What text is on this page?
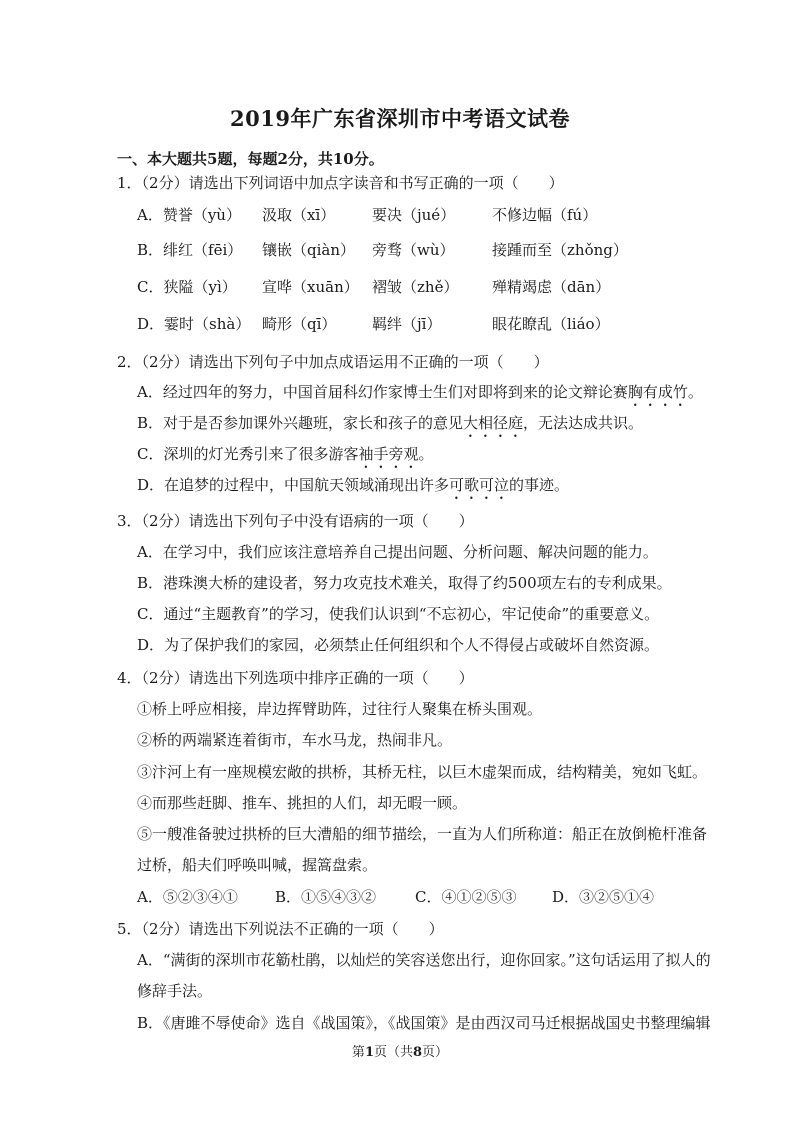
2019年广东省深圳市中考语文试卷
一、本大题共5题，每题2分，共10分。
1．（2分）请选出下列词语中加点字读音和书写正确的一项（　　）
A．赞誉（yù） 汲取（xī） 要决（jué） 不修边幅（fú）
B．绯红（fēi） 镶嵌（qiàn） 旁骛（wù） 接踵而至（zhǒng）
C．狭隘（yì） 宣哗（xuān） 褶皱（zhě） 殚精竭虑（dān）
D．霎时（shà） 畸形（qī） 羁绊（jī）	眼花瞭乱（liáo）
2．（2分）请选出下列句子中加点成语运用不正确的一项（　　）
A．经过四年的努力，中国首届科幻作家博士生们对即将到来的论文辩论赛胸有成竹。
B．对于是否参加课外兴趣班，家长和孩子的意见大相径庭，无法达成共识。
C．深圳的灯光秀引来了很多游客袖手旁观。
D．在追梦的过程中，中国航天领域涌现出许多可歌可泣的事迹。
3．（2分）请选出下列句子中没有语病的一项（　　）
A．在学习中，我们应该注意培养自己提出问题、分析问题、解决问题的能力。
B．港珠澳大桥的建设者，努力攻克技术难关，取得了约500项左右的专利成果。
C．通过“主题教育”的学习，使我们认识到“不忘初心，牢记使命”的重要意义。
D．为了保护我们的家园，必须禁止任何组织和个人不得侵占或破坏自然资源。
4．（2分）请选出下列选项中排序正确的一项（　　）
①桥上呼应相接，岸边挥臂助阵，过往行人聚集在桥头围观。
②桥的两端紧连着街市，车水马龙，热闹非凡。
③汴河上有一座规模宏敞的拱桥，其桥无柱，以巨木虚架而成，结构精美，宛如飞虹。
④而那些赶脚、推车、挑担的人们，却无暇一顾。
⑤一艘准备驶过拱桥的巨大漕船的细节描绘，一直为人们所称道：船正在放倒桅杆准备
过桥，船夫们呼唤叫喊，握篙盘索。
A．⑤②③④① B．①⑤④③②	C．④①②⑤③ D．③②⑤①④
5．（2分）请选出下列说法不正确的一项（　　）
A．“满街的深圳市花簕杜鹃，以灿烂的笑容送您出行，迎你回家。”这句话运用了拟人的
修辞手法。
B．《唐雎不辱使命》选自《战国策》，《战国策》是由西汉司马迁根据战国史书整理编辑
第1页（共8页）
